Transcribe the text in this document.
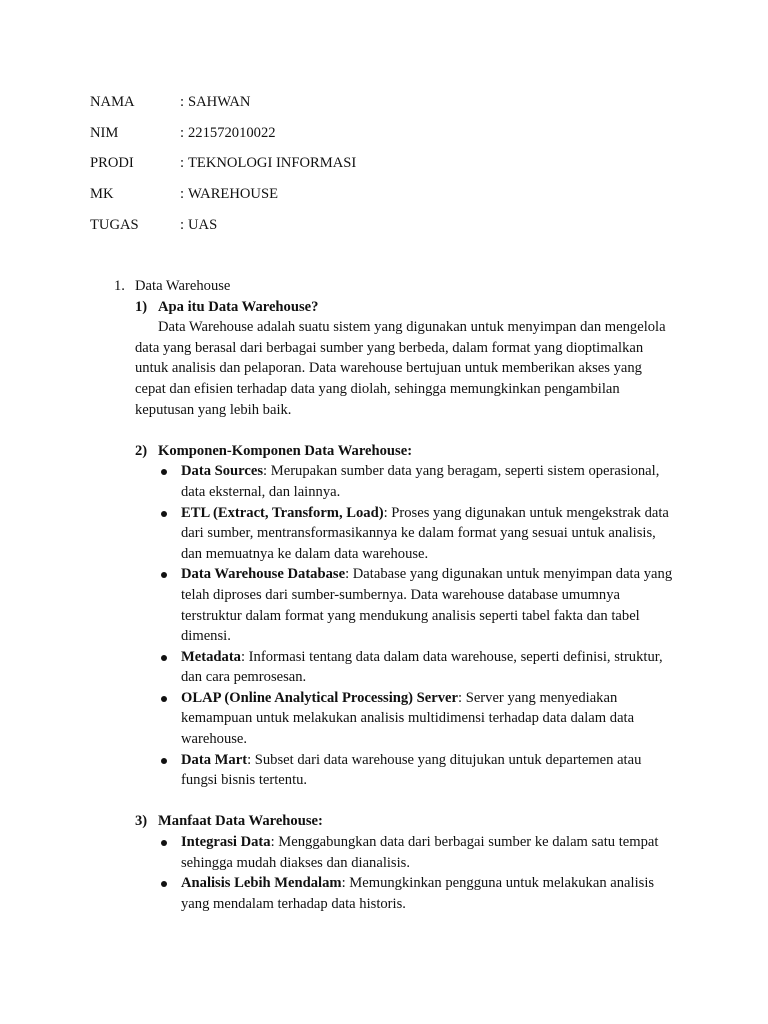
NAMA	: SAHWAN
NIM	: 221572010022
PRODI	: TEKNOLOGI INFORMASI
MK	: WAREHOUSE
TUGAS	: UAS
1. Data Warehouse
1) Apa itu Data Warehouse?
Data Warehouse adalah suatu sistem yang digunakan untuk menyimpan dan mengelola data yang berasal dari berbagai sumber yang berbeda, dalam format yang dioptimalkan untuk analisis dan pelaporan. Data warehouse bertujuan untuk memberikan akses yang cepat dan efisien terhadap data yang diolah, sehingga memungkinkan pengambilan keputusan yang lebih baik.
2) Komponen-Komponen Data Warehouse:
Data Sources: Merupakan sumber data yang beragam, seperti sistem operasional, data eksternal, dan lainnya.
ETL (Extract, Transform, Load): Proses yang digunakan untuk mengekstrak data dari sumber, mentransformasikannya ke dalam format yang sesuai untuk analisis, dan memuatnya ke dalam data warehouse.
Data Warehouse Database: Database yang digunakan untuk menyimpan data yang telah diproses dari sumber-sumbernya. Data warehouse database umumnya terstruktur dalam format yang mendukung analisis seperti tabel fakta dan tabel dimensi.
Metadata: Informasi tentang data dalam data warehouse, seperti definisi, struktur, dan cara pemrosesan.
OLAP (Online Analytical Processing) Server: Server yang menyediakan kemampuan untuk melakukan analisis multidimensi terhadap data dalam data warehouse.
Data Mart: Subset dari data warehouse yang ditujukan untuk departemen atau fungsi bisnis tertentu.
3) Manfaat Data Warehouse:
Integrasi Data: Menggabungkan data dari berbagai sumber ke dalam satu tempat sehingga mudah diakses dan dianalisis.
Analisis Lebih Mendalam: Memungkinkan pengguna untuk melakukan analisis yang mendalam terhadap data historis.
